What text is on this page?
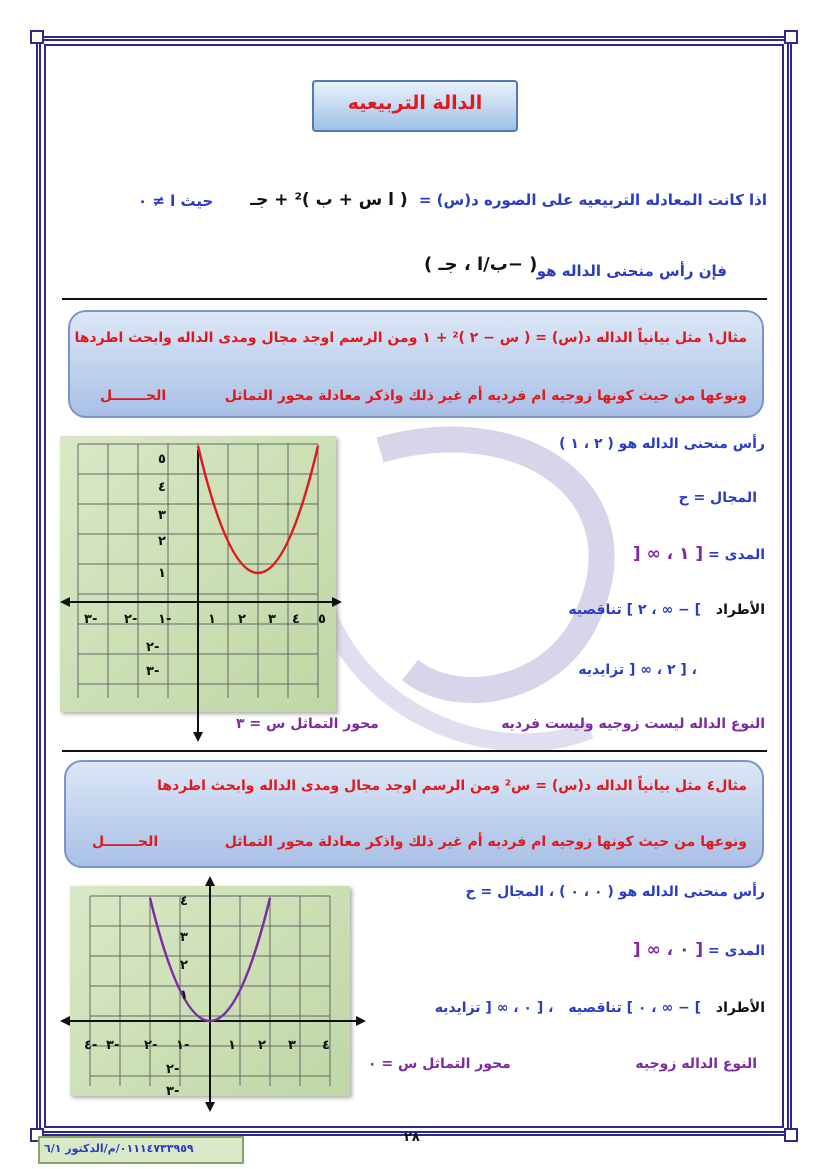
الدالة التربيعيه
اذا كانت المعادله التربيعيه على الصوره د(س) = ( ا س + ب )² + جـ
حيث ا ≠ ٠
فإن رأس منحنى الداله هو
( −ب/ا ، جـ )
مثال١ مثل بيانياً الداله د(س) = ( س − ٢ )² + ١ ومن الرسم اوجد مجال ومدى الداله وابحث اطردها
ونوعها من حيث كونها زوجيه ام فرديه أم غير ذلك واذكر معادلة محور التماثل
الحـــــــل
٣- ٢- ١-	١ ٢ ٣ ٤ ٥
٥
٤
٣
٢
١
٢-
٣-
رأس منحنى الداله هو ( ٢ ، ١ )
المجال = ح
المدى = [ ١ ، ∞ [
الأطراد ] − ∞ ، ٢ ] تناقصيه
، [ ٢ ، ∞ [ تزايديه
النوع الداله ليست زوجيه وليست فرديه
محور التماثل س = ٣
مثال٤ مثل بيانياً الداله د(س) = س² ومن الرسم اوجد مجال ومدى الداله وابحث اطردها
ونوعها من حيث كونها زوجيه ام فرديه أم غير ذلك واذكر معادلة محور التماثل
الحـــــــل
٤- ٣- ٢- ١-	١ ٢ ٣ ٤
٤
٣
٢
١
٢-
٣-
رأس منحنى الداله هو ( ٠ ، ٠ ) ، المجال = ح
المدى = [ ٠ ، ∞ [
الأطراد ] − ∞ ، ٠ ] تناقصيه ، [ ٠ ، ∞ [ تزايديه
النوع الداله زوجيه
محور التماثل س = ٠
٢٨
٠١١١٤٧٣٣٩٥٩/م/الدكتور ٦/١
